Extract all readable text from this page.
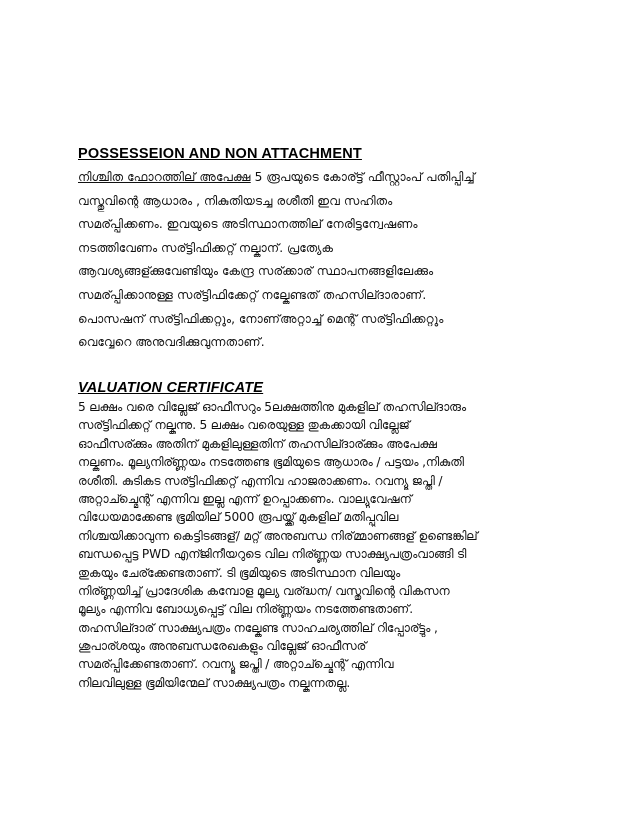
POSSESSEION AND NON ATTACHMENT
നിശ്ചിത ഫോറത്തില് അപേക്ഷ 5 രൂപയുടെ കോര്ട്ട് ഫീസ്റ്റാംപ് പതിപ്പിച്ച്
വസ്തുവിന്റെ ആധാരം , നികുതിയടച്ച രശീതി ഇവ സഹിതം
സമര്പ്പിക്കണം. ഇവയുടെ അടിസ്ഥാനത്തില് നേരിട്ടന്വേഷണം
നടത്തിവേണം സര്ട്ടിഫിക്കറ്റ് നല്കാന്. പ്രത്യേക
ആവശ്യങ്ങള്ക്കുവേണ്ടിയും കേന്ദ്ര സര്ക്കാര് സ്ഥാപനങ്ങളിലേക്കും
സമര്പ്പിക്കാനുള്ള സര്ട്ടിഫിക്കേറ്റ് നല്കേണ്ടത് തഹസില്ദാരാണ്.
പൊസഷന് സര്ട്ടിഫിക്കറ്റും, നോണ്അറ്റാച്ച് മെന്റ് സര്ട്ടിഫിക്കറ്റും
വെവ്വേറെ അനുവദിക്കുവുന്നതാണ്.
VALUATION CERTIFICATE
5 ലക്ഷം വരെ വില്ലേജ് ഓഫീസറും 5ലക്ഷത്തിനു മുകളില് തഹസില്ദാരും
സര്ട്ടിഫിക്കറ്റ് നല്കുന്നു. 5 ലക്ഷം വരെയുള്ള തുകക്കായി വില്ലേജ്
ഓഫീസര്ക്കും അതിന് മുകളിലുള്ളതിന് തഹസില്ദാര്ക്കും അപേക്ഷ
നല്കണം. മൂല്യനിര്ണ്ണയം നടത്തേണ്ട ഭൂമിയുടെ ആധാരം / പട്ടയം ,നികുതി
രശീതി. കുടികട സര്ട്ടിഫിക്കറ്റ് എന്നിവ ഹാജരാക്കണം. റവന്യൂ ജപ്തി /
അറ്റാച്ച്മെന്റ് എന്നിവ ഇല്ല എന്ന് ഉറപ്പാക്കണം. വാല്യുവേഷന്
വിധേയമാക്കേണ്ട ഭൂമിയില് 5000 രൂപയ്ക്ക് മുകളില് മതിപ്പുവില
നിശ്ചയിക്കാവുന്ന കെട്ടിടങ്ങള്/ മറ്റ് അനുബന്ധ നിര്മ്മാണങ്ങള് ഉണ്ടെങ്കില്
ബന്ധപ്പെട്ട PWD എന്ജിനീയറുടെ വില നിര്ണ്ണയ സാക്ഷ്യപത്രംവാങ്ങി ടി
തുകയും ചേര്ക്കേണ്ടതാണ്. ടി ഭൂമിയുടെ അടിസ്ഥാന വിലയും
നിര്ണ്ണയിച്ച് പ്രാദേശിക കമ്പോള മൂല്യ വര്ദ്ധന/ വസ്തുവിന്റെ വികസന
മൂല്യം എന്നിവ ബോധ്യപ്പെട്ട് വില നിര്ണ്ണയം നടത്തേണ്ടതാണ്.
തഹസില്ദാര് സാക്ഷ്യപത്രം നല്കേണ്ട സാഹചര്യത്തില് റിപ്പോര്ട്ടും ,
ശുപാര്ശയും അനുബന്ധരേഖകളും വില്ലേജ് ഓഫീസര്
സമര്പ്പിക്കേണ്ടതാണ്. റവന്യൂ ജപ്തി / അറ്റാച്ച്മെന്റ് എന്നിവ
നിലവിലുള്ള ഭൂമിയിന്മേല് സാക്ഷ്യപത്രം നല്കുന്നതല്ല.
